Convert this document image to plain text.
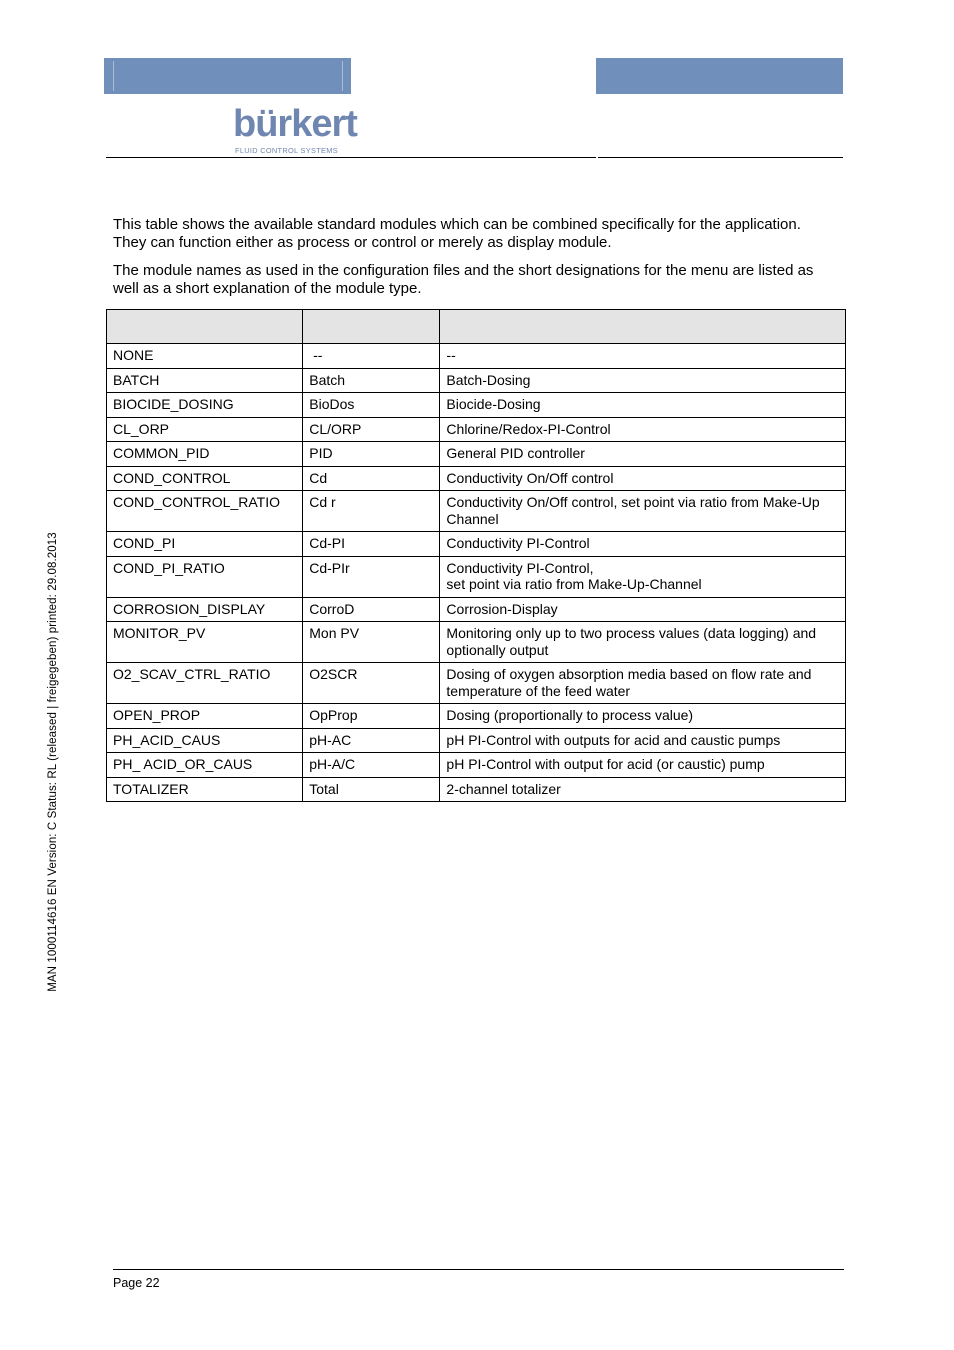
bürkert
FLUID CONTROL SYSTEMS

This table shows the available standard modules which can be combined specifically for the application. They can function either as process or control or merely as display module.

The module names as used in the configuration files and the short designations for the menu are listed as well as a short explanation of the module type.

NONE	--	--
BATCH	Batch	Batch-Dosing
BIOCIDE_DOSING	BioDos	Biocide-Dosing
CL_ORP	CL/ORP	Chlorine/Redox-PI-Control
COMMON_PID	PID	General PID controller
COND_CONTROL	Cd	Conductivity On/Off control
COND_CONTROL_RATIO	Cd r	Conductivity On/Off control, set point via ratio from Make-Up Channel
COND_PI	Cd-PI	Conductivity PI-Control
COND_PI_RATIO	Cd-PIr	Conductivity PI-Control,
set point via ratio from Make-Up-Channel
CORROSION_DISPLAY	CorroD	Corrosion-Display
MONITOR_PV	Mon PV	Monitoring only up to two process values (data logging) and optionally output
O2_SCAV_CTRL_RATIO	O2SCR	Dosing of oxygen absorption media based on flow rate and temperature of the feed water
OPEN_PROP	OpProp	Dosing (proportionally to process value)
PH_ACID_CAUS	pH-AC	pH PI-Control with outputs for acid and caustic pumps
PH_ ACID_OR_CAUS	pH-A/C	pH PI-Control with output for acid (or caustic) pump
TOTALIZER	Total	2-channel totalizer
MAN 1000114616 EN Version: C Status: RL (released | freigegeben) printed: 29.08.2013
Page 22
